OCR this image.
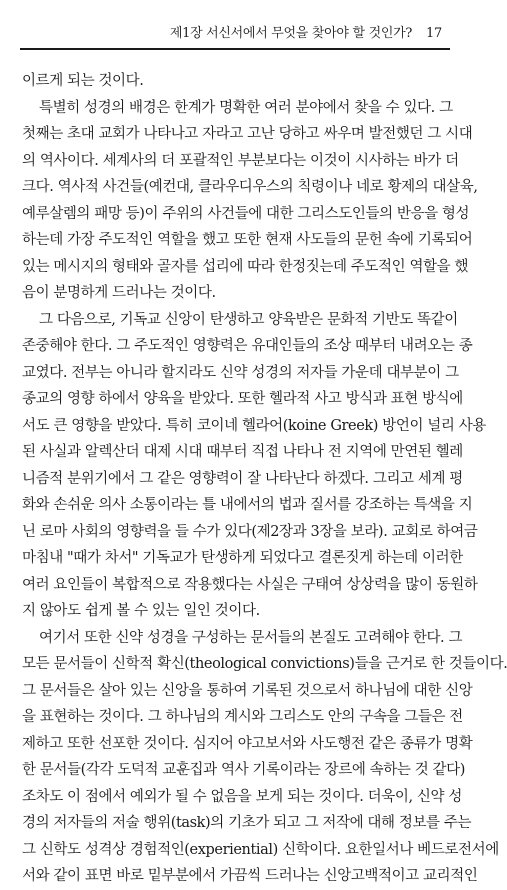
제1장 서신서에서 무엇을 찾아야 할 것인가? 17
이르게 되는 것이다.
특별히 성경의 배경은 한계가 명확한 여러 분야에서 찾을 수 있다. 그
첫째는 초대 교회가 나타나고 자라고 고난 당하고 싸우며 발전했던 그 시대
의 역사이다. 세계사의 더 포괄적인 부분보다는 이것이 시사하는 바가 더
크다. 역사적 사건들(예컨대, 클라우디우스의 칙령이나 네로 황제의 대살육,
예루살렘의 패망 등)이 주위의 사건들에 대한 그리스도인들의 반응을 형성
하는데 가장 주도적인 역할을 했고 또한 현재 사도들의 문헌 속에 기록되어
있는 메시지의 형태와 골자를 섭리에 따라 한정짓는데 주도적인 역할을 했
음이 분명하게 드러나는 것이다.
그 다음으로, 기독교 신앙이 탄생하고 양육받은 문화적 기반도 똑같이
존중해야 한다. 그 주도적인 영향력은 유대인들의 조상 때부터 내려오는 종
교였다. 전부는 아니라 할지라도 신약 성경의 저자들 가운데 대부분이 그
종교의 영향 하에서 양육을 받았다. 또한 헬라적 사고 방식과 표현 방식에
서도 큰 영향을 받았다. 특히 코이네 헬라어(koine Greek) 방언이 널리 사용
된 사실과 알렉산더 대제 시대 때부터 직접 나타나 전 지역에 만연된 헬레
니즘적 분위기에서 그 같은 영향력이 잘 나타난다 하겠다. 그리고 세계 평
화와 손쉬운 의사 소통이라는 틀 내에서의 법과 질서를 강조하는 특색을 지
닌 로마 사회의 영향력을 들 수가 있다(제2장과 3장을 보라). 교회로 하여금
마침내 "때가 차서" 기독교가 탄생하게 되었다고 결론짓게 하는데 이러한
여러 요인들이 복합적으로 작용했다는 사실은 구태여 상상력을 많이 동원하
지 않아도 쉽게 볼 수 있는 일인 것이다.
여기서 또한 신약 성경을 구성하는 문서들의 본질도 고려해야 한다. 그
모든 문서들이 신학적 확신(theological convictions)들을 근거로 한 것들이다.
그 문서들은 살아 있는 신앙을 통하여 기록된 것으로서 하나님에 대한 신앙
을 표현하는 것이다. 그 하나님의 계시와 그리스도 안의 구속을 그들은 전
제하고 또한 선포한 것이다. 심지어 야고보서와 사도행전 같은 종류가 명확
한 문서들(각각 도덕적 교훈집과 역사 기록이라는 장르에 속하는 것 같다)
조차도 이 점에서 예외가 될 수 없음을 보게 되는 것이다. 더욱이, 신약 성
경의 저자들의 저술 행위(task)의 기초가 되고 그 저작에 대해 정보를 주는
그 신학도 성격상 경험적인(experiential) 신학이다. 요한일서나 베드로전서에
서와 같이 표면 바로 밑부분에서 가끔씩 드러나는 신앙고백적이고 교리적인
